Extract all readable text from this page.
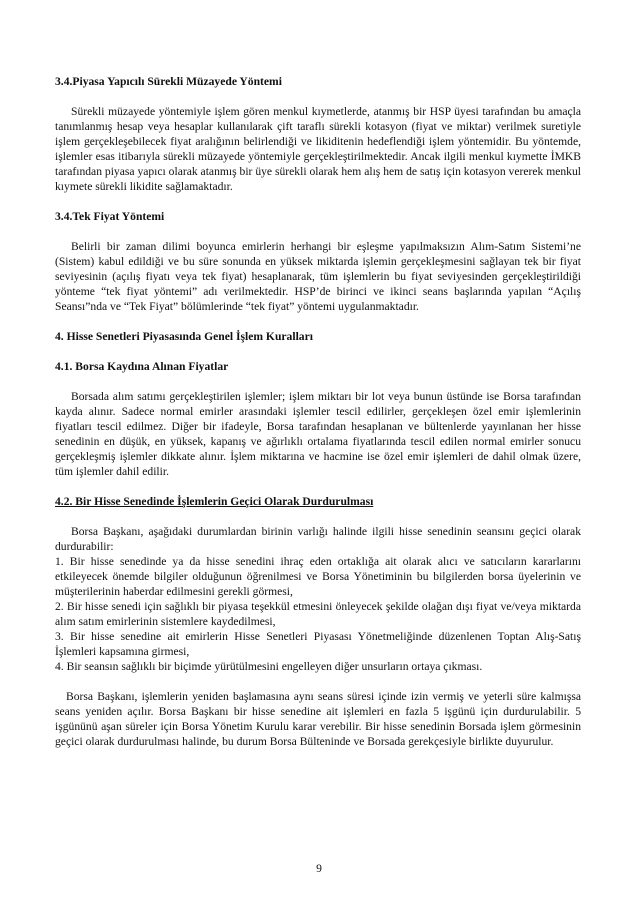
3.4.Piyasa Yapıcılı Sürekli Müzayede Yöntemi

Sürekli müzayede yöntemiyle işlem gören menkul kıymetlerde, atanmış bir HSP üyesi tarafından bu amaçla tanımlanmış hesap veya hesaplar kullanılarak çift taraflı sürekli kotasyon (fiyat ve miktar) verilmek suretiyle işlem gerçekleşebilecek fiyat aralığının belirlendiği ve likiditenin hedeflendiği işlem yöntemidir. Bu yöntemde, işlemler esas itibarıyla sürekli müzayede yöntemiyle gerçekleştirilmektedir. Ancak ilgili menkul kıymette İMKB tarafından piyasa yapıcı olarak atanmış bir üye sürekli olarak hem alış hem de satış için kotasyon vererek menkul kıymete sürekli likidite sağlamaktadır.

3.4.Tek Fiyat Yöntemi

Belirli bir zaman dilimi boyunca emirlerin herhangi bir eşleşme yapılmaksızın Alım-Satım Sistemi’ne (Sistem) kabul edildiği ve bu süre sonunda en yüksek miktarda işlemin gerçekleşmesini sağlayan tek bir fiyat seviyesinin (açılış fiyatı veya tek fiyat) hesaplanarak, tüm işlemlerin bu fiyat seviyesinden gerçekleştirildiği yönteme “tek fiyat yöntemi” adı verilmektedir. HSP’de birinci ve ikinci seans başlarında yapılan “Açılış Seansı”nda ve “Tek Fiyat” bölümlerinde “tek fiyat” yöntemi uygulanmaktadır.

4. Hisse Senetleri Piyasasında Genel İşlem Kuralları

4.1. Borsa Kaydına Alınan Fiyatlar

Borsada alım satımı gerçekleştirilen işlemler; işlem miktarı bir lot veya bunun üstünde ise Borsa tarafından kayda alınır. Sadece normal emirler arasındaki işlemler tescil edilirler, gerçekleşen özel emir işlemlerinin fiyatları tescil edilmez. Diğer bir ifadeyle, Borsa tarafından hesaplanan ve bültenlerde yayınlanan her hisse senedinin en düşük, en yüksek, kapanış ve ağırlıklı ortalama fiyatlarında tescil edilen normal emirler sonucu gerçekleşmiş işlemler dikkate alınır. İşlem miktarına ve hacmine ise özel emir işlemleri de dahil olmak üzere, tüm işlemler dahil edilir.

4.2. Bir Hisse Senedinde İşlemlerin Geçici Olarak Durdurulması

Borsa Başkanı, aşağıdaki durumlardan birinin varlığı halinde ilgili hisse senedinin seansını geçici olarak durdurabilir:

1. Bir hisse senedinde ya da hisse senedini ihraç eden ortaklığa ait olarak alıcı ve satıcıların kararlarını etkileyecek önemde bilgiler olduğunun öğrenilmesi ve Borsa Yönetiminin bu bilgilerden borsa üyelerinin ve müşterilerinin haberdar edilmesini gerekli görmesi,

2. Bir hisse senedi için sağlıklı bir piyasa teşekkül etmesini önleyecek şekilde olağan dışı fiyat ve/veya miktarda alım satım emirlerinin sistemlere kaydedilmesi,

3. Bir hisse senedine ait emirlerin Hisse Senetleri Piyasası Yönetmeliğinde düzenlenen Toptan Alış-Satış İşlemleri kapsamına girmesi,

4. Bir seansın sağlıklı bir biçimde yürütülmesini engelleyen diğer unsurların ortaya çıkması.

Borsa Başkanı, işlemlerin yeniden başlamasına aynı seans süresi içinde izin vermiş ve yeterli süre kalmışsa seans yeniden açılır. Borsa Başkanı bir hisse senedine ait işlemleri en fazla 5 işgünü için durdurulabilir. 5 işgününü aşan süreler için Borsa Yönetim Kurulu karar verebilir. Bir hisse senedinin Borsada işlem görmesinin geçici olarak durdurulması halinde, bu durum Borsa Bülteninde ve Borsada gerekçesiyle birlikte duyurulur.

9
